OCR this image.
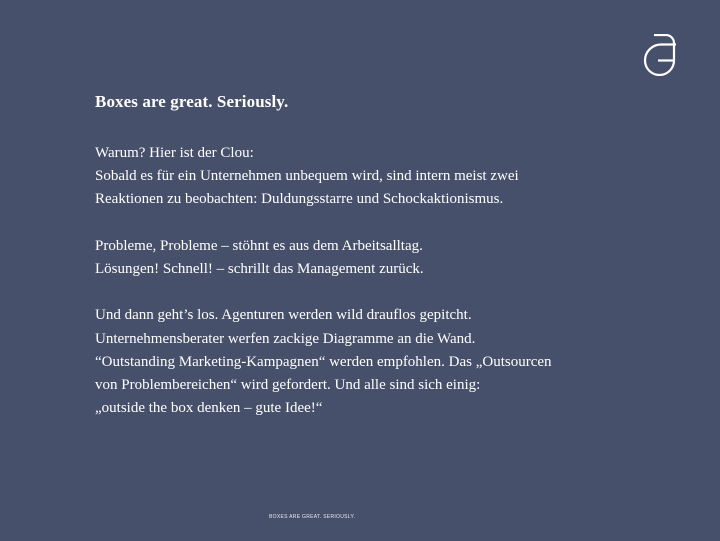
Boxes are great. Seriously.
Warum? Hier ist der Clou:
Sobald es für ein Unternehmen unbequem wird, sind intern meist zwei
Reaktionen zu beobachten: Duldungsstarre und Schockaktionismus.
Probleme, Probleme – stöhnt es aus dem Arbeitsalltag.
Lösungen! Schnell! – schrillt das Management zurück.
Und dann geht’s los. Agenturen werden wild drauflos gepitcht.
Unternehmensberater werfen zackige Diagramme an die Wand.
“Outstanding Marketing-Kampagnen“ werden empfohlen. Das „Outsourcen
von Problembereichen“ wird gefordert. Und alle sind sich einig:
„outside the box denken – gute Idee!“
BOXES ARE GREAT. SERIOUSLY.
